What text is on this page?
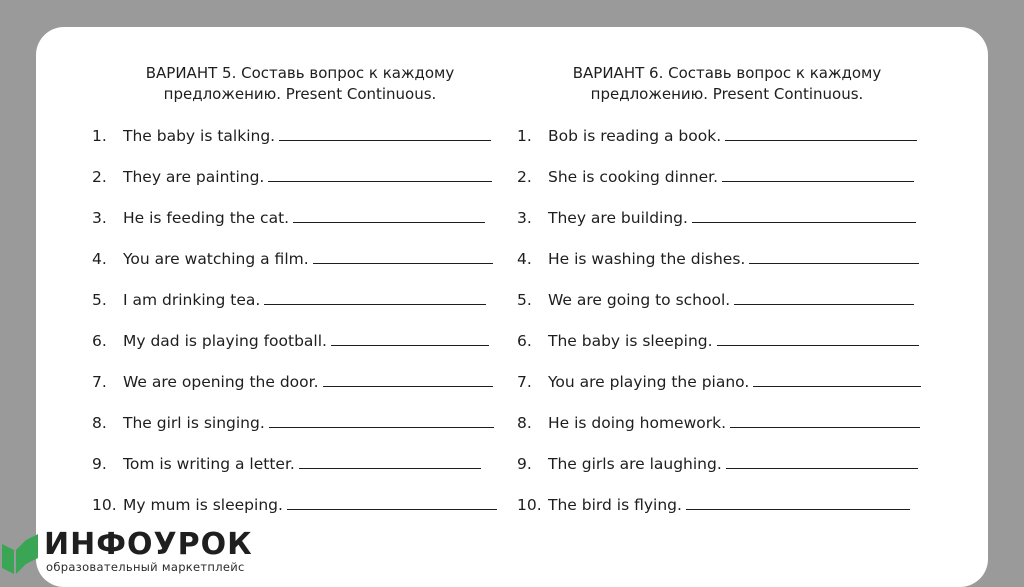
ВАРИАНТ 5. Составь вопрос к каждому
предложению. Present Continuous.

1. The baby is talking.
2. They are painting.
3. He is feeding the cat.
4. You are watching a film.
5. I am drinking tea.
6. My dad is playing football.
7. We are opening the door.
8. The girl is singing.
9. Tom is writing a letter.
10. My mum is sleeping.

ВАРИАНТ 6. Составь вопрос к каждому
предложению. Present Continuous.

1. Bob is reading a book.
2. She is cooking dinner.
3. They are building.
4. He is washing the dishes.
5. We are going to school.
6. The baby is sleeping.
7. You are playing the piano.
8. He is doing homework.
9. The girls are laughing.
10. The bird is flying.
ИНФОУРОК
образовательный маркетплейс
